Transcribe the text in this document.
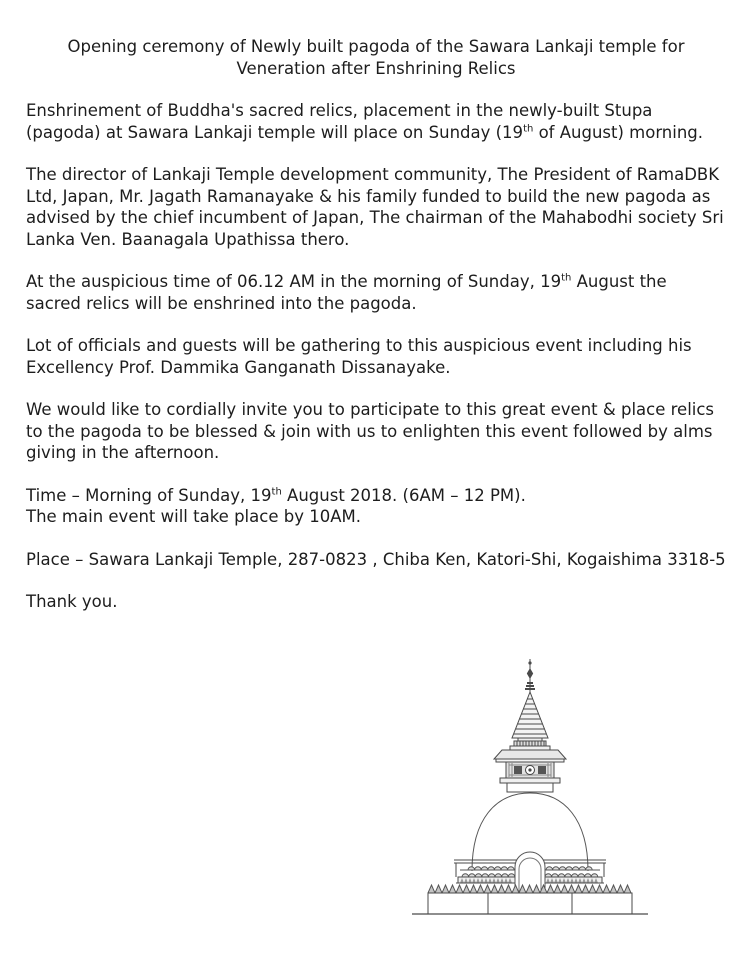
Opening ceremony of Newly built pagoda of the Sawara Lankaji temple for
Veneration after Enshrining Relics

Enshrinement of Buddha's sacred relics, placement in the newly-built Stupa (pagoda) at Sawara Lankaji temple will place on Sunday (19th of August) morning.

The director of Lankaji Temple development community, The President of RamaDBK Ltd, Japan, Mr. Jagath Ramanayake & his family funded to build the new pagoda as advised by the chief incumbent of Japan, The chairman of the Mahabodhi society Sri Lanka Ven. Baanagala Upathissa thero.

At the auspicious time of 06.12 AM in the morning of Sunday, 19th August the sacred relics will be enshrined into the pagoda.

Lot of officials and guests will be gathering to this auspicious event including his Excellency Prof. Dammika Ganganath Dissanayake.

We would like to cordially invite you to participate to this great event & place relics to the pagoda to be blessed & join with us to enlighten this event followed by alms giving in the afternoon.

Time – Morning of Sunday, 19th August 2018. (6AM – 12 PM).
The main event will take place by 10AM.

Place – Sawara Lankaji Temple, 287-0823 , Chiba Ken, Katori-Shi, Kogaishima 3318-5

Thank you.
